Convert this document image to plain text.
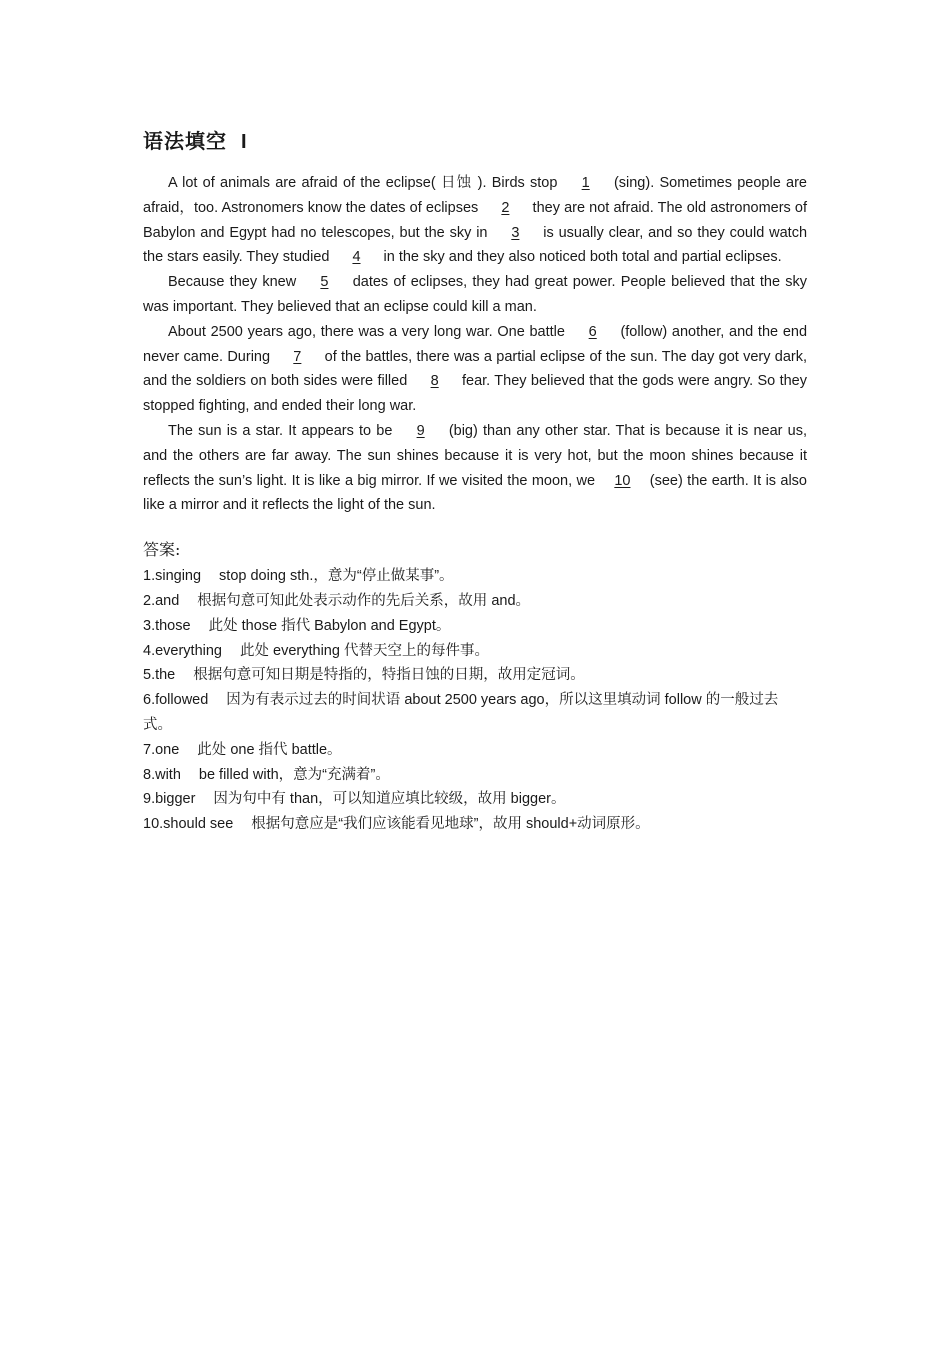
语法填空 I

A lot of animals are afraid of the eclipse( 日蚀 ). Birds stop 1 (sing). Sometimes people are afraid，too. Astronomers know the dates of eclipses 2 they are not afraid. The old astronomers of Babylon and Egypt had no telescopes, but the sky in 3 is usually clear, and so they could watch the stars easily. They studied 4 in the sky and they also noticed both total and partial eclipses.

Because they knew 5 dates of eclipses, they had great power. People believed that the sky was important. They believed that an eclipse could kill a man.

About 2500 years ago, there was a very long war. One battle 6 (follow) another, and the end never came. During 7 of the battles, there was a partial eclipse of the sun. The day got very dark, and the soldiers on both sides were filled 8 fear. They believed that the gods were angry. So they stopped fighting, and ended their long war.

The sun is a star. It appears to be 9 (big) than any other star. That is because it is near us, and the others are far away. The sun shines because it is very hot, but the moon shines because it reflects the sun’s light. It is like a big mirror. If we visited the moon, we 10 (see) the earth. It is also like a mirror and it reflects the light of the sun.

答案:

1.singing stop doing sth.，意为“停止做某事”。

2.and 根据句意可知此处表示动作的先后关系，故用 and。

3.those 此处 those 指代 Babylon and Egypt。

4.everything 此处 everything 代替天空上的每件事。

5.the 根据句意可知日期是特指的，特指日蚀的日期，故用定冠词。

6.followed 因为有表示过去的时间状语 about 2500 years ago，所以这里填动词 follow 的一般过去式。

7.one 此处 one 指代 battle。

8.with be filled with，意为“充满着”。

9.bigger 因为句中有 than，可以知道应填比较级，故用 bigger。

10.should see 根据句意应是“我们应该能看见地球”，故用 should+动词原形。
